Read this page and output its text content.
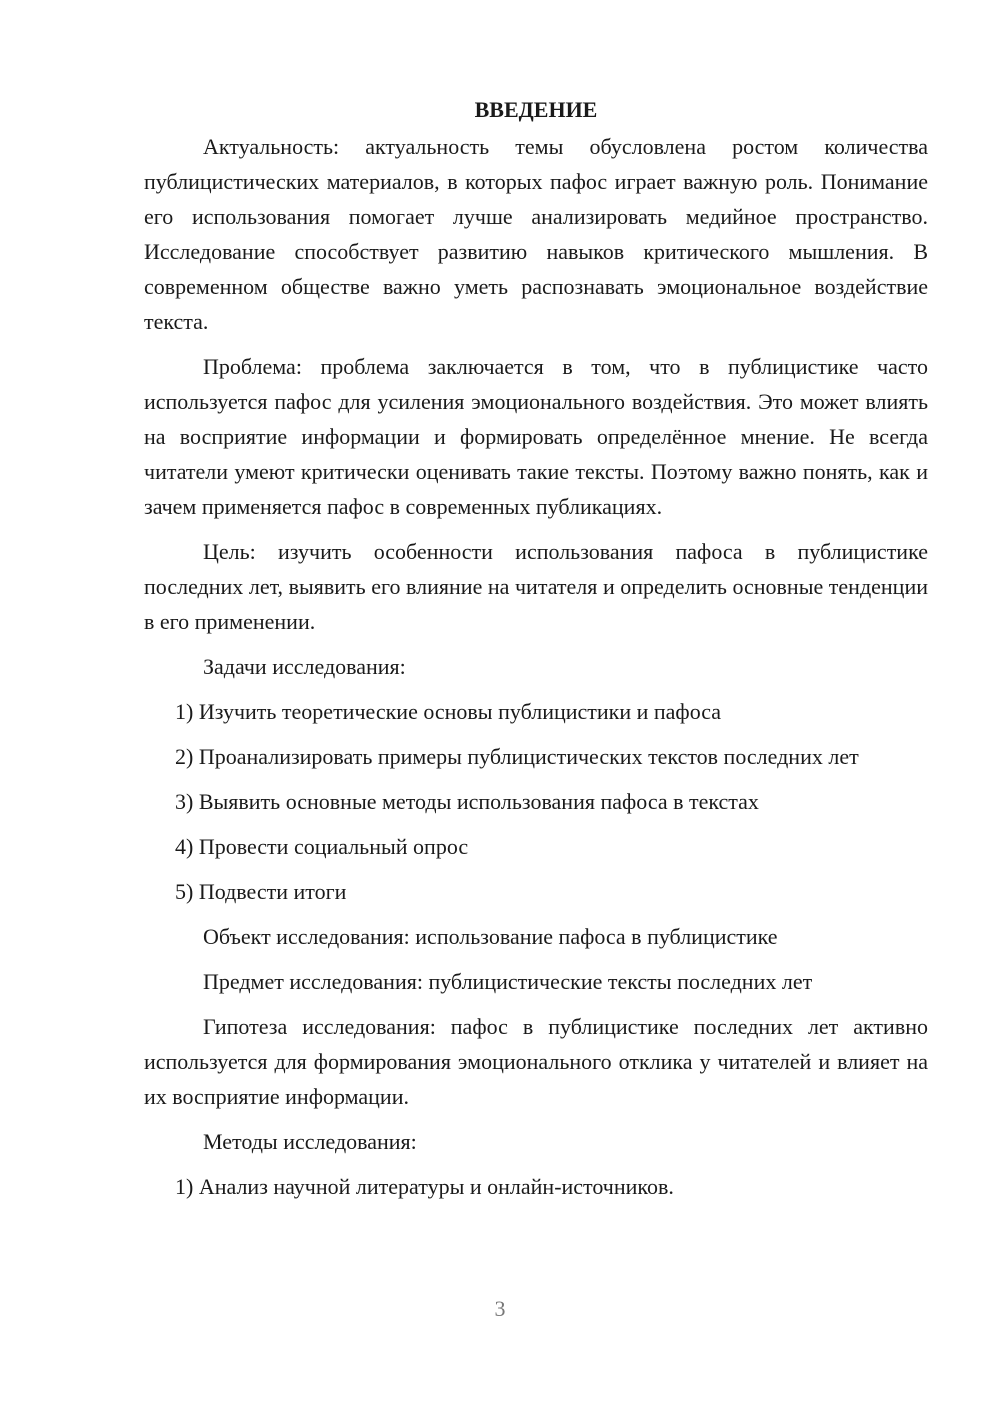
ВВЕДЕНИЕ

Актуальность: актуальность темы обусловлена ростом количества публицистических материалов, в которых пафос играет важную роль. Понимание его использования помогает лучше анализировать медийное пространство. Исследование способствует развитию навыков критического мышления. В современном обществе важно уметь распознавать эмоциональное воздействие текста.

Проблема: проблема заключается в том, что в публицистике часто используется пафос для усиления эмоционального воздействия. Это может влиять на восприятие информации и формировать определённое мнение. Не всегда читатели умеют критически оценивать такие тексты. Поэтому важно понять, как и зачем применяется пафос в современных публикациях.

Цель: изучить особенности использования пафоса в публицистике последних лет, выявить его влияние на читателя и определить основные тенденции в его применении.

Задачи исследования:

1) Изучить теоретические основы публицистики и пафоса

2) Проанализировать примеры публицистических текстов последних лет

3) Выявить основные методы использования пафоса в текстах

4) Провести социальный опрос

5) Подвести итоги

Объект исследования: использование пафоса в публицистике

Предмет исследования: публицистические тексты последних лет

Гипотеза исследования: пафос в публицистике последних лет активно используется для формирования эмоционального отклика у читателей и влияет на их восприятие информации.

Методы исследования:

1) Анализ научной литературы и онлайн-источников.

3
